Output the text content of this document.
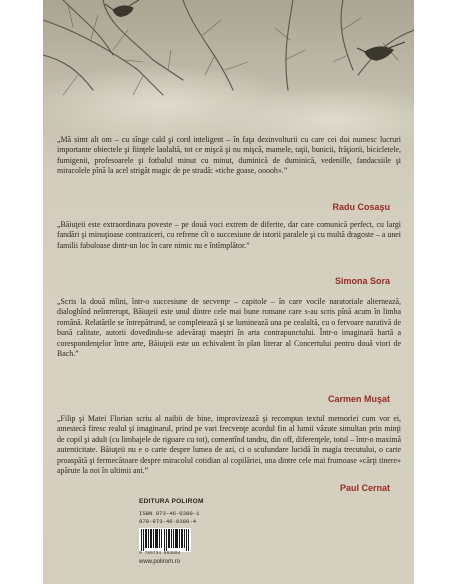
„Mă simt alt om – cu sînge cald şi cord inteligent – în faţa dezinvolturii cu care cei doi numesc lucruri importante obiectele şi fiinţele laolaltă, tot ce mişcă şi nu mişcă, mamele, taţii, bunicii, frăţiorii, bicicletele, fumigenii, profesoarele şi fotbalul minut cu minut, duminică de duminică, vedenille, fandacsiile şi miracolele pînă la acel strigăt magic de pe stradă: «tiche goase, ooooh».”

Radu Cosaşu

„Băiuţeii este extraordinara poveste – pe două voci extrem de diferite, dar care comunică perfect, cu largi fandări şi minuţioase contraziceri, cu refrene cît o succesiune de istorii paralele şi cu multă dragoste – a unei familii fabuloase dintr-un loc în care nimic nu e întîmplător.”

Simona Sora

„Scris la două mîini, într-o succesiune de secvenţe – capitole – în care vocile naratoriale alternează, dialoghînd neîntrerupt, Băiuţeii este unul dintre cele mai bune romane care s-au scris pînă acum în limba română. Relatările se întrepătrund, se completează şi se luminează una pe cealaltă, cu o fervoare narativă de bună calitate, autorii dovedindu-se adevăraţi maeştri în arta contrapunctului. Într-o imaginară hartă a corespondenţelor între arte, Băiuţeii este un echivalent în plan literar al Concertului pentru două viori de Bach.”

Carmen Muşat

„Filip şi Matei Florian scriu al naibii de bine, improvizează şi recompun textul memoriei cum vor ei, amestecă firesc realul şi imaginarul, prind pe vari frecvenţe acordul fin al lumii văzute simultan prin minţi de copil şi adult (cu limbajele de rigoare cu tot), comentînd tandru, din off, diferenţele, totul – într-o maximă autenticitate. Băiuţeii nu e o carte despre lumea de azi, ci o scufundare lucidă în magia trecutului, o carte proaspătă şi fermecătoare despre miracolul cotidian al copilăriei, una dintre cele mai frumoase «cărţi tinere» apărute la noi în ultimii ani.”

Paul Cernat
EDITURA POLIROM
ISBN 973-46-0380-1
978-973-46-0380-4
9 789734 603804
www.polirom.ro
